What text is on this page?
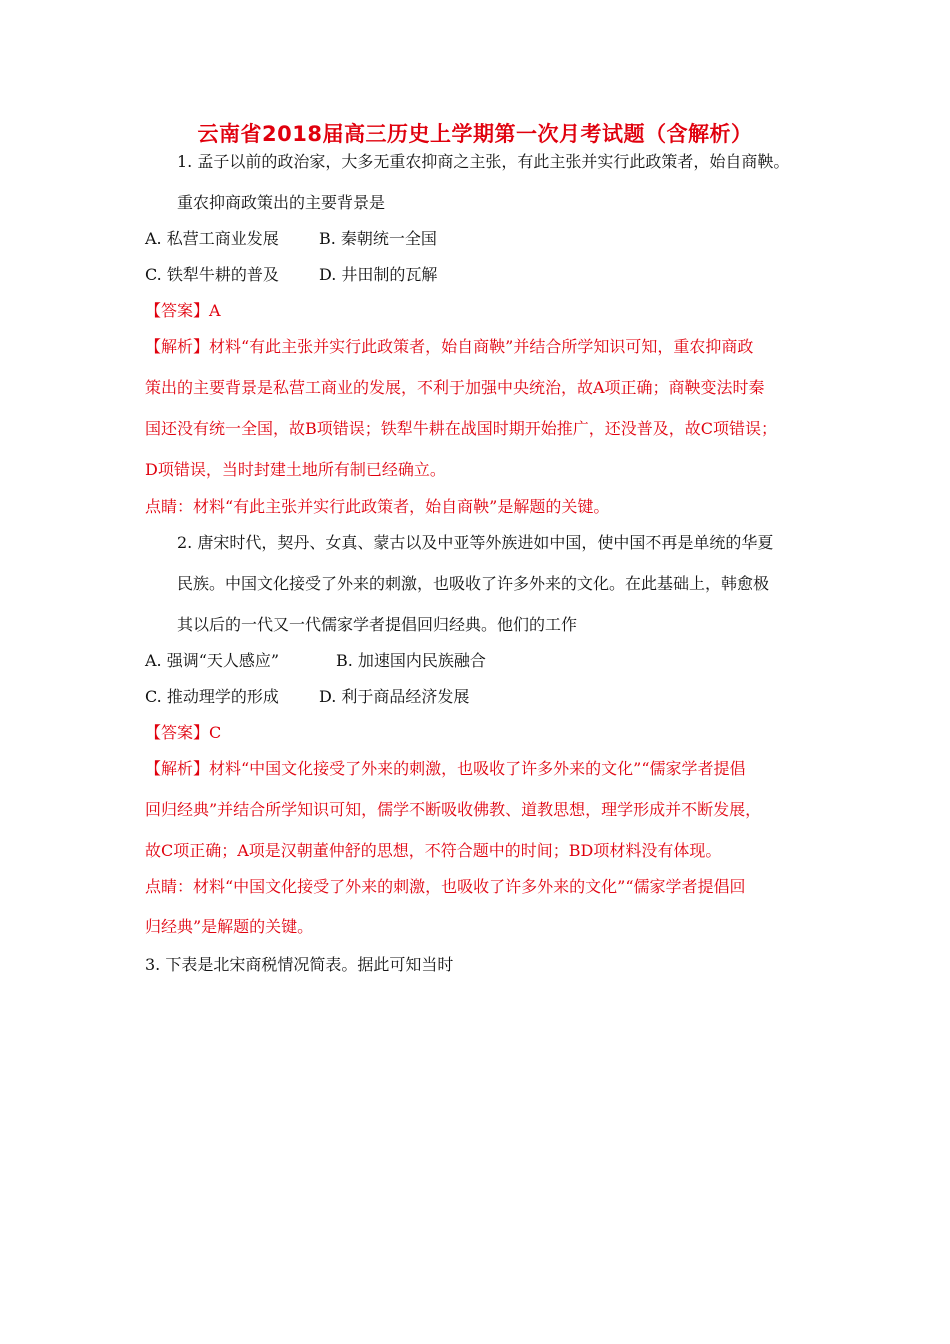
云南省2018届高三历史上学期第一次月考试题（含解析）
1. 孟子以前的政治家，大多无重农抑商之主张，有此主张并实行此政策者，始自商鞅。
重农抑商政策出的主要背景是
A. 私营工商业发展	B. 秦朝统一全国
C. 铁犁牛耕的普及	D. 井田制的瓦解
【答案】A
【解析】材料“有此主张并实行此政策者，始自商鞅”并结合所学知识可知，重农抑商政
策出的主要背景是私营工商业的发展，不利于加强中央统治，故A项正确；商鞅变法时秦
国还没有统一全国，故B项错误；铁犁牛耕在战国时期开始推广，还没普及，故C项错误；
D项错误，当时封建土地所有制已经确立。
点睛：材料“有此主张并实行此政策者，始自商鞅”是解题的关键。
2. 唐宋时代，契丹、女真、蒙古以及中亚等外族进如中国，使中国不再是单统的华夏
民族。中国文化接受了外来的刺激，也吸收了许多外来的文化。在此基础上，韩愈极
其以后的一代又一代儒家学者提倡回归经典。他们的工作
A. 强调“天人感应”	B. 加速国内民族融合
C. 推动理学的形成	D. 利于商品经济发展
【答案】C
【解析】材料“中国文化接受了外来的刺激，也吸收了许多外来的文化”“儒家学者提倡
回归经典”并结合所学知识可知，儒学不断吸收佛教、道教思想，理学形成并不断发展，
故C项正确；A项是汉朝董仲舒的思想，不符合题中的时间；BD项材料没有体现。
点睛：材料“中国文化接受了外来的刺激，也吸收了许多外来的文化”“儒家学者提倡回
归经典”是解题的关键。
3. 下表是北宋商税情况简表。据此可知当时
